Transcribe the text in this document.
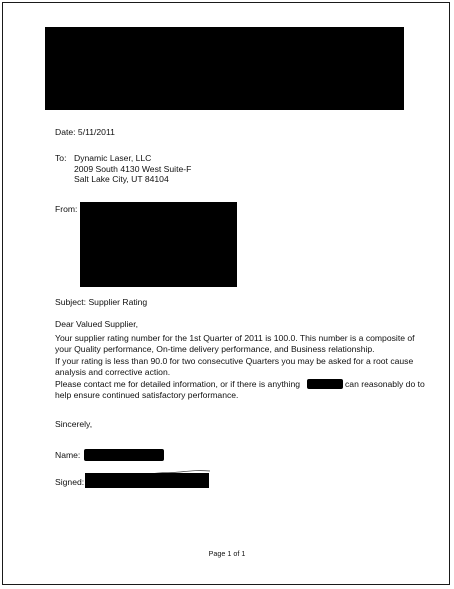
Date: 5/11/2011
To: Dynamic Laser, LLC
2009 South 4130 West Suite-F
Salt Lake City, UT 84104
From:
Subject: Supplier Rating
Dear Valued Supplier,
Your supplier rating number for the 1st Quarter of 2011 is 100.0. This number is a composite of your Quality performance, On-time delivery performance, and Business relationship.
If your rating is less than 90.0 for two consecutive Quarters you may be asked for a root cause analysis and corrective action.
Please contact me for detailed information, or if there is anything	can reasonably do to help ensure continued satisfactory performance.
Sincerely,
Name:
Signed:
Page 1 of 1
